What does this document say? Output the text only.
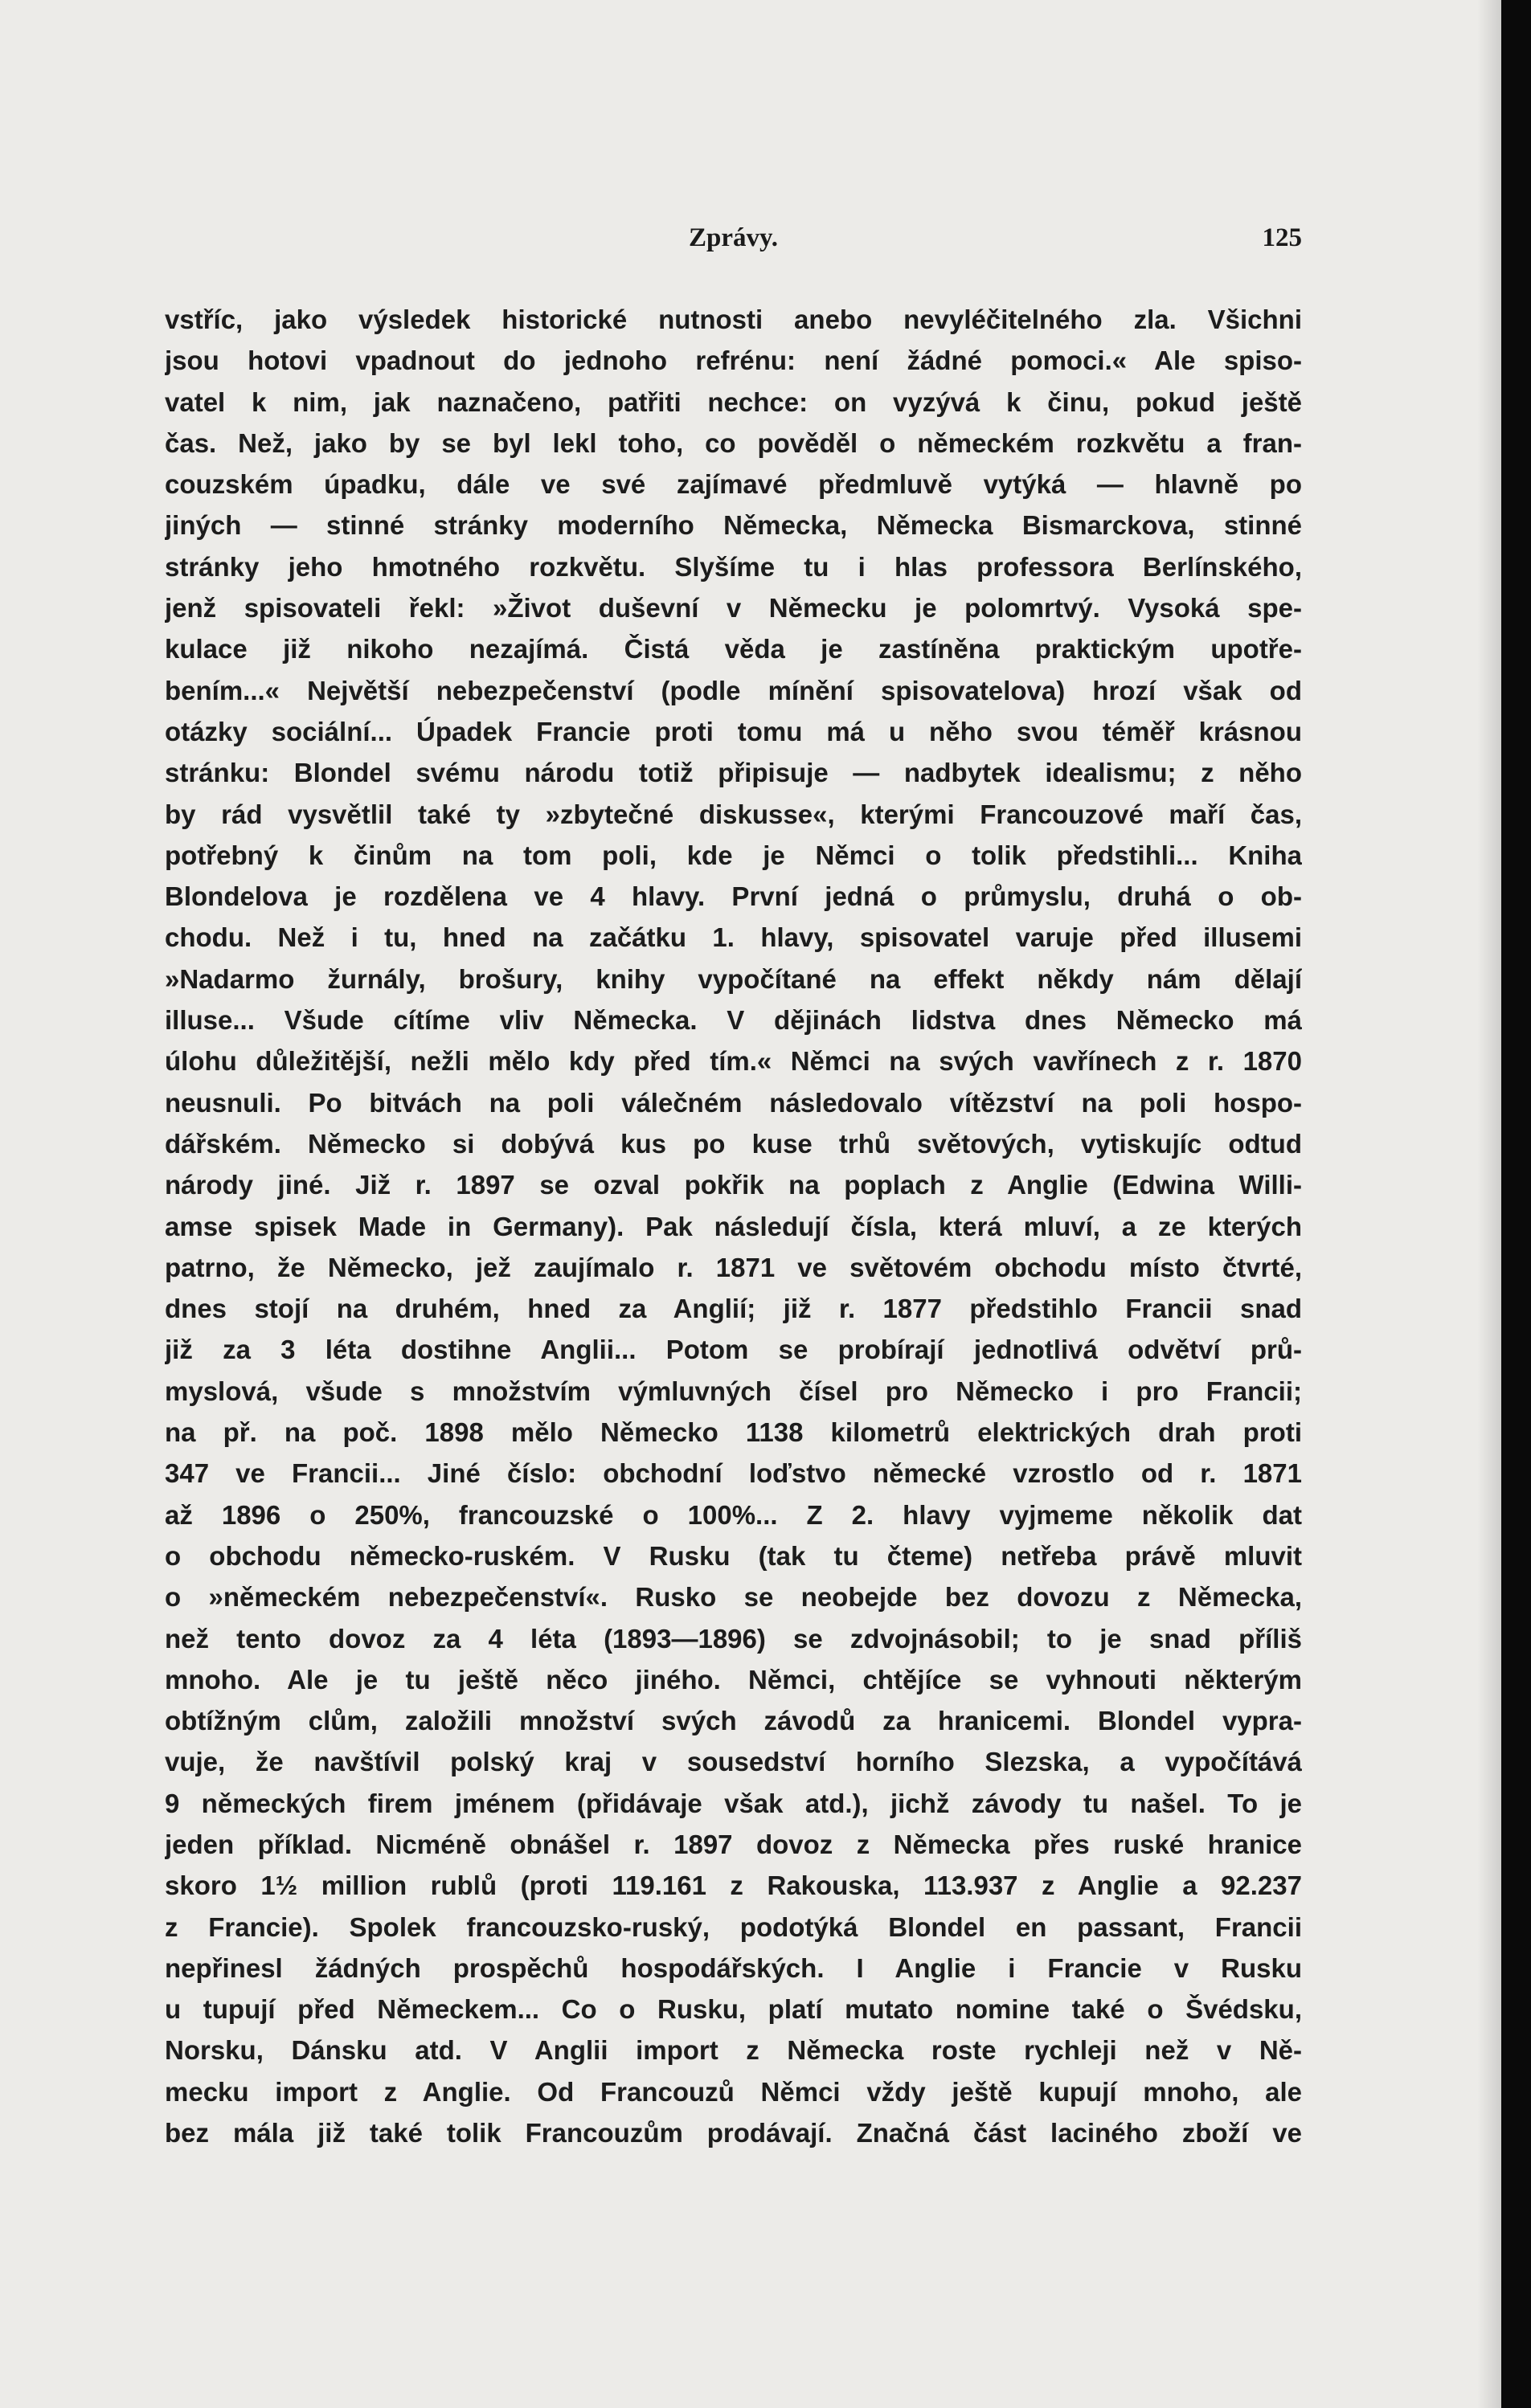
Zprávy.	125
vstříc, jako výsledek historické nutnosti anebo nevyléčitelného zla. Všichni
jsou hotovi vpadnout do jednoho refrénu: není žádné pomoci.« Ale spiso-
vatel k nim, jak naznačeno, patřiti nechce: on vyzývá k činu, pokud ještě
čas. Než, jako by se byl lekl toho, co pověděl o německém rozkvětu a fran-
couzském úpadku, dále ve své zajímavé předmluvě vytýká — hlavně po
jiných — stinné stránky moderního Německa, Německa Bismarckova, stinné
stránky jeho hmotného rozkvětu. Slyšíme tu i hlas professora Berlínského,
jenž spisovateli řekl: »Život duševní v Německu je polomrtvý. Vysoká spe-
kulace již nikoho nezajímá. Čistá věda je zastíněna praktickým upotře-
bením...« Největší nebezpečenství (podle mínění spisovatelova) hrozí však od
otázky sociální... Úpadek Francie proti tomu má u něho svou téměř krásnou
stránku: Blondel svému národu totiž připisuje — nadbytek idealismu; z něho
by rád vysvětlil také ty »zbytečné diskusse«, kterými Francouzové maří čas,
potřebný k činům na tom poli, kde je Němci o tolik předstihli... Kniha
Blondelova je rozdělena ve 4 hlavy. První jedná o průmyslu, druhá o ob-
chodu. Než i tu, hned na začátku 1. hlavy, spisovatel varuje před illusemi
»Nadarmo žurnály, brošury, knihy vypočítané na effekt někdy nám dělají
illuse... Všude cítíme vliv Německa. V dějinách lidstva dnes Německo má
úlohu důležitější, nežli mělo kdy před tím.« Němci na svých vavřínech z r. 1870
neusnuli. Po bitvách na poli válečném následovalo vítězství na poli hospo-
dářském. Německo si dobývá kus po kuse trhů světových, vytiskujíc odtud
národy jiné. Již r. 1897 se ozval pokřik na poplach z Anglie (Edwina Willi-
amse spisek Made in Germany). Pak následují čísla, která mluví, a ze kterých
patrno, že Německo, jež zaujímalo r. 1871 ve světovém obchodu místo čtvrté,
dnes stojí na druhém, hned za Anglií; již r. 1877 předstihlo Francii snad
již za 3 léta dostihne Anglii... Potom se probírají jednotlivá odvětví prů-
myslová, všude s množstvím výmluvných čísel pro Německo i pro Francii;
na př. na poč. 1898 mělo Německo 1138 kilometrů elektrických drah proti
347 ve Francii... Jiné číslo: obchodní loďstvo německé vzrostlo od r. 1871
až 1896 o 250%, francouzské o 100%... Z 2. hlavy vyjmeme několik dat
o obchodu německo-ruském. V Rusku (tak tu čteme) netřeba právě mluvit
o »německém nebezpečenství«. Rusko se neobejde bez dovozu z Německa,
než tento dovoz za 4 léta (1893—1896) se zdvojnásobil; to je snad příliš
mnoho. Ale je tu ještě něco jiného. Němci, chtějíce se vyhnouti některým
obtížným clům, založili množství svých závodů za hranicemi. Blondel vypra-
vuje, že navštívil polský kraj v sousedství horního Slezska, a vypočítává
9 německých firem jménem (přidávaje však atd.), jichž závody tu našel. To je
jeden příklad. Nicméně obnášel r. 1897 dovoz z Německa přes ruské hranice
skoro 1½ million rublů (proti 119.161 z Rakouska, 113.937 z Anglie a 92.237
z Francie). Spolek francouzsko-ruský, podotýká Blondel en passant, Francii
nepřinesl žádných prospěchů hospodářských. I Anglie i Francie v Rusku
u tupují před Německem... Co o Rusku, platí mutato nomine také o Švédsku,
Norsku, Dánsku atd. V Anglii import z Německa roste rychleji než v Ně-
mecku import z Anglie. Od Francouzů Němci vždy ještě kupují mnoho, ale
bez mála již také tolik Francouzům prodávají. Značná část laciného zboží ve
